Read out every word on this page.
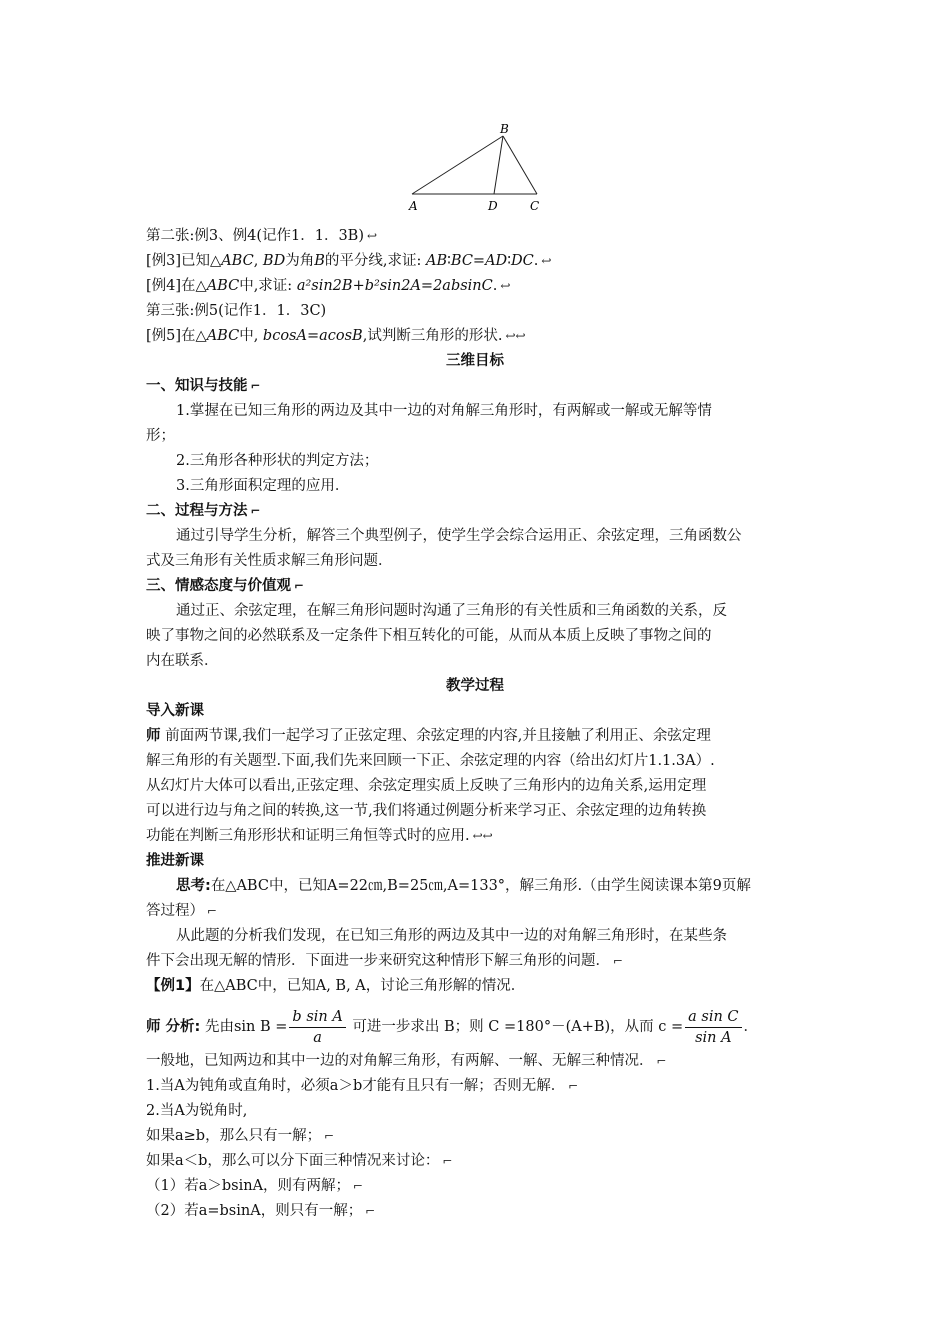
B
A	D	C
第二张:例3、例4(记作1．1．3B) ↩
[例3]已知△ABC, BD为角B的平分线,求证: AB∶BC=AD∶DC. ↩
[例4]在△ABC中,求证: a²sin2B+b²sin2A=2absinC. ↩
第三张:例5(记作1．1．3C)
[例5]在△ABC中, bcosA=acosB,试判断三角形的形状. ↩↩
三维目标
一、知识与技能 ⌐
1.掌握在已知三角形的两边及其中一边的对角解三角形时，有两解或一解或无解等情
形；
2.三角形各种形状的判定方法；
3.三角形面积定理的应用．
二、过程与方法 ⌐
通过引导学生分析，解答三个典型例子，使学生学会综合运用正、余弦定理，三角函数公
式及三角形有关性质求解三角形问题．
三、情感态度与价值观 ⌐
通过正、余弦定理，在解三角形问题时沟通了三角形的有关性质和三角函数的关系，反
映了事物之间的必然联系及一定条件下相互转化的可能，从而从本质上反映了事物之间的
内在联系．
教学过程
导入新课
师 前面两节课,我们一起学习了正弦定理、余弦定理的内容,并且接触了利用正、余弦定理
解三角形的有关题型.下面,我们先来回顾一下正、余弦定理的内容（给出幻灯片1.1.3A）.
从幻灯片大体可以看出,正弦定理、余弦定理实质上反映了三角形内的边角关系,运用定理
可以进行边与角之间的转换,这一节,我们将通过例题分析来学习正、余弦定理的边角转换
功能在判断三角形形状和证明三角恒等式时的应用. ↩↩
推进新课
思考:在△ABC中，已知A=22㎝,B=25㎝,A=133°，解三角形.（由学生阅读课本第9页解
答过程） ⌐
从此题的分析我们发现，在已知三角形的两边及其中一边的对角解三角形时，在某些条
件下会出现无解的情形．下面进一步来研究这种情形下解三角形的问题． ⌐
【例1】在△ABC中，已知A, B, A，讨论三角形解的情况．
师 分析: 先由$\sin B = \frac{\text{b sin A}}{a}$ 可进一步求出 B；则 C =180°－(A+B)，从而 $c = \frac{\text{a sin C}}{\text{sin A}}$ ．
一般地，已知两边和其中一边的对角解三角形，有两解、一解、无解三种情况． ⌐
1.当A为钝角或直角时，必须a＞b才能有且只有一解；否则无解． ⌐
2.当A为锐角时,
如果a≥b，那么只有一解； ⌐
如果a＜b，那么可以分下面三种情况来讨论： ⌐
（1）若a＞bsinA，则有两解； ⌐
（2）若a=bsinA，则只有一解； ⌐
